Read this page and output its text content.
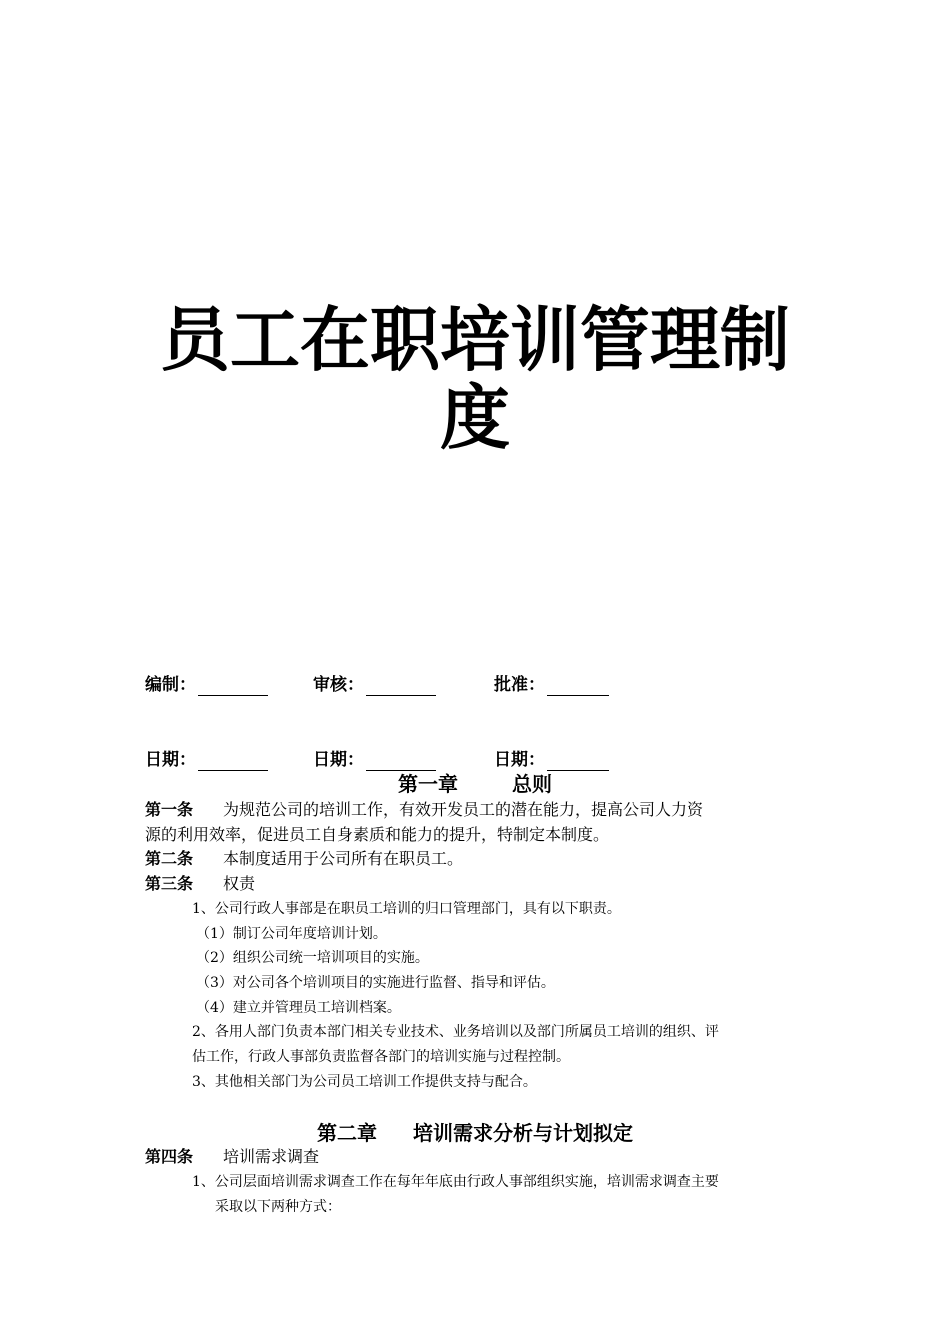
员工在职培训管理制
度
编制：	审核：	批准：
日期：	日期：	日期：
第一章	总则
第一条 为规范公司的培训工作，有效开发员工的潜在能力，提高公司人力资
源的利用效率，促进员工自身素质和能力的提升，特制定本制度。
第二条 本制度适用于公司所有在职员工。
第三条 权责
1、公司行政人事部是在职员工培训的归口管理部门，具有以下职责。
（1）制订公司年度培训计划。
（2）组织公司统一培训项目的实施。
（3）对公司各个培训项目的实施进行监督、指导和评估。
（4）建立并管理员工培训档案。
2、各用人部门负责本部门相关专业技术、业务培训以及部门所属员工培训的组织、评
估工作，行政人事部负责监督各部门的培训实施与过程控制。
3、其他相关部门为公司员工培训工作提供支持与配合。
第二章 培训需求分析与计划拟定
第四条 培训需求调查
1、公司层面培训需求调查工作在每年年底由行政人事部组织实施，培训需求调查主要
采取以下两种方式：
